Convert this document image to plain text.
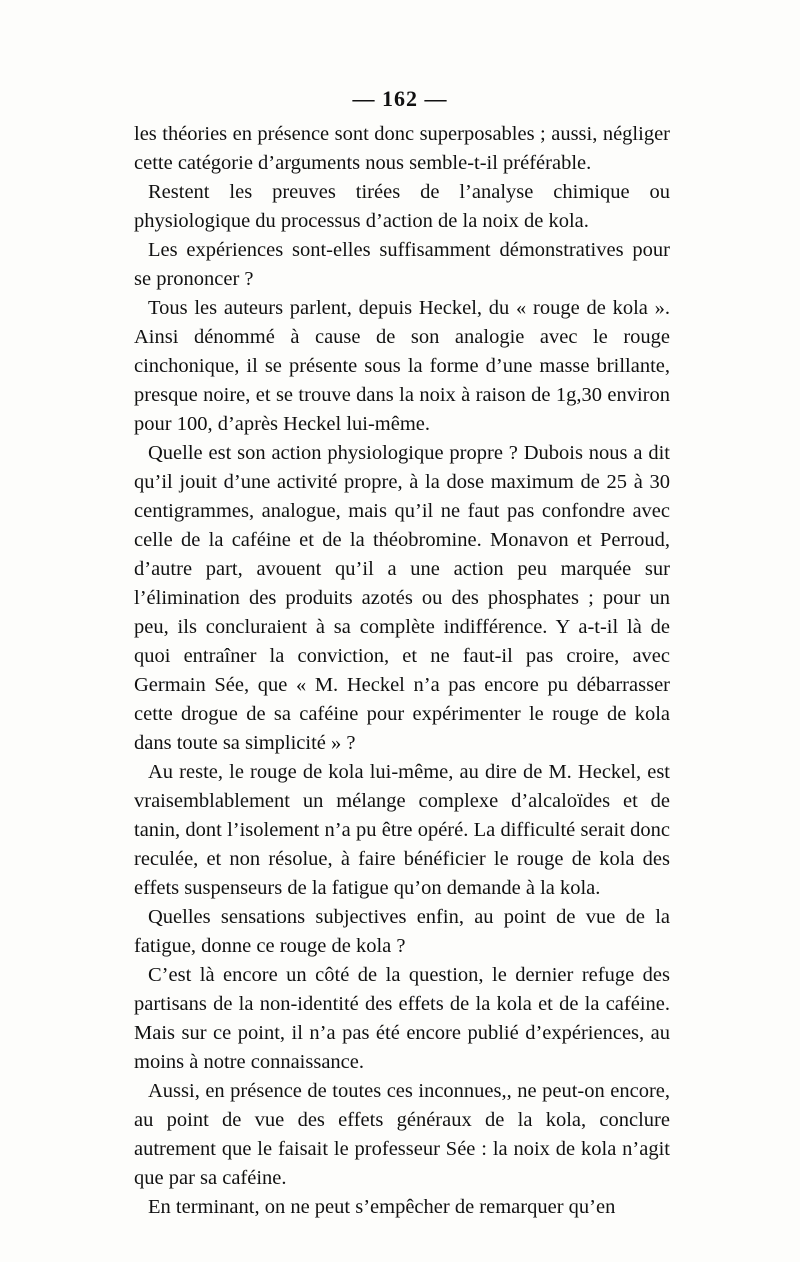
— 162 —

les théories en présence sont donc superposables ; aussi, négliger cette catégorie d’arguments nous semble-t-il préférable.

Restent les preuves tirées de l’analyse chimique ou physiologique du processus d’action de la noix de kola.

Les expériences sont-elles suffisamment démonstratives pour se prononcer ?

Tous les auteurs parlent, depuis Heckel, du « rouge de kola ». Ainsi dénommé à cause de son analogie avec le rouge cinchonique, il se présente sous la forme d’une masse brillante, presque noire, et se trouve dans la noix à raison de 1g,30 environ pour 100, d’après Heckel lui-même.

Quelle est son action physiologique propre ? Dubois nous a dit qu’il jouit d’une activité propre, à la dose maximum de 25 à 30 centigrammes, analogue, mais qu’il ne faut pas confondre avec celle de la caféine et de la théobromine. Monavon et Perroud, d’autre part, avouent qu’il a une action peu marquée sur l’élimination des produits azotés ou des phosphates ; pour un peu, ils concluraient à sa complète indifférence. Y a-t-il là de quoi entraîner la conviction, et ne faut-il pas croire, avec Germain Sée, que « M. Heckel n’a pas encore pu débarrasser cette drogue de sa caféine pour expérimenter le rouge de kola dans toute sa simplicité » ?

Au reste, le rouge de kola lui-même, au dire de M. Heckel, est vraisemblablement un mélange complexe d’alcaloïdes et de tanin, dont l’isolement n’a pu être opéré. La difficulté serait donc reculée, et non résolue, à faire bénéficier le rouge de kola des effets suspenseurs de la fatigue qu’on demande à la kola.

Quelles sensations subjectives enfin, au point de vue de la fatigue, donne ce rouge de kola ?

C’est là encore un côté de la question, le dernier refuge des partisans de la non-identité des effets de la kola et de la caféine. Mais sur ce point, il n’a pas été encore publié d’expériences, au moins à notre connaissance.

Aussi, en présence de toutes ces inconnues,, ne peut-on encore, au point de vue des effets généraux de la kola, conclure autrement que le faisait le professeur Sée : la noix de kola n’agit que par sa caféine.

En terminant, on ne peut s’empêcher de remarquer qu’en
